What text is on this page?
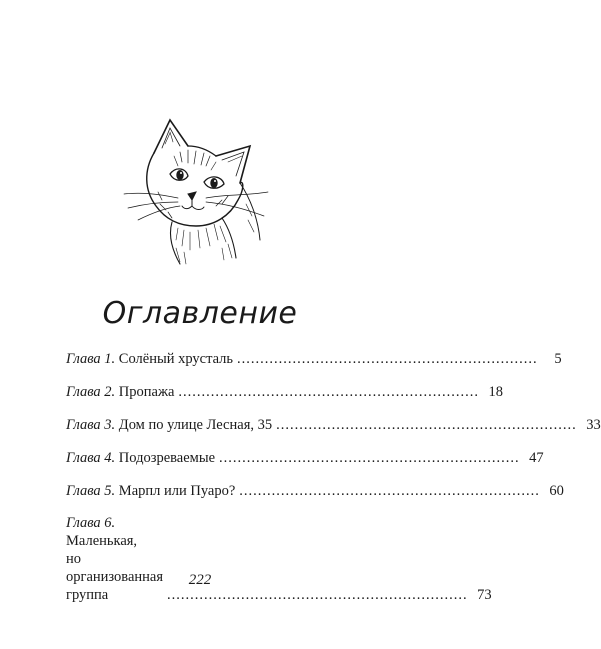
Оглавление
Глава 1. Солёный хрусталь .................................................................	5
Глава 2. Пропажа ................................................................. 18
Глава 3. Дом по улице Лесная, 35 ................................................................. 33
Глава 4. Подозреваемые ................................................................. 47
Глава 5. Марпл или Пуаро? ................................................................. 60
Глава 6. Маленькая,
но организованная группа	................................................................. 73
222
